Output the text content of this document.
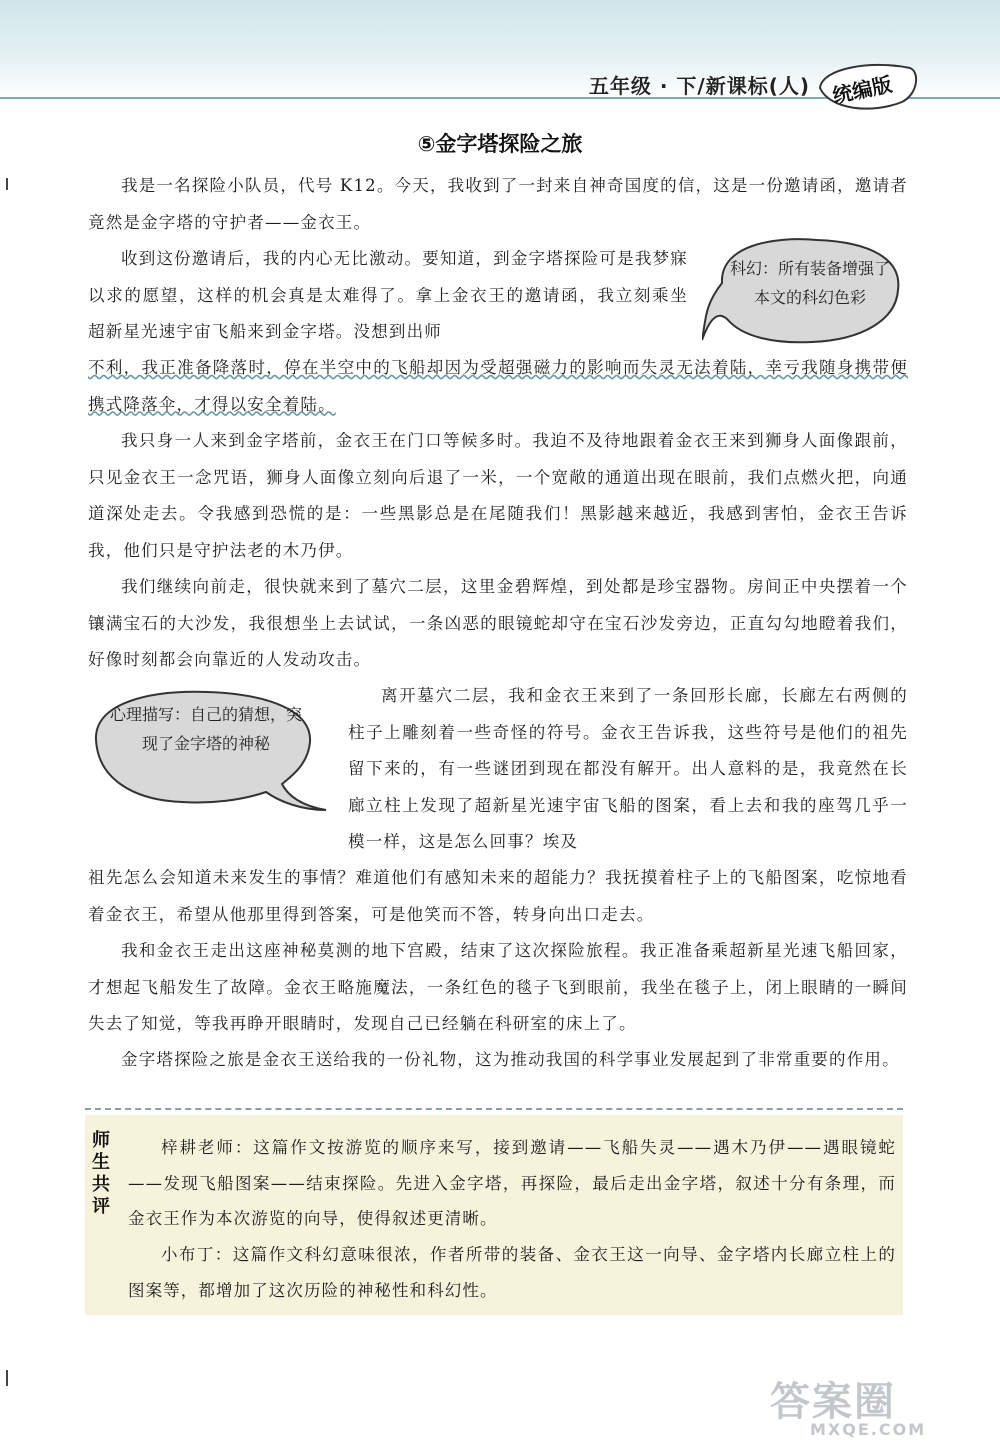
五年级 · 下/新课标(人) 统编版
⑤金字塔探险之旅

我是一名探险小队员，代号 K12。今天，我收到了一封来自神奇国度的信，这是一份邀请函，邀请者竟然是金字塔的守护者——金衣王。

收到这份邀请后，我的内心无比激动。要知道，到金字塔探险可是我梦寐以求的愿望，这样的机会真是太难得了。拿上金衣王的邀请函，我立刻乘坐超新星光速宇宙飞船来到金字塔。没想到出师

不利，我正准备降落时，停在半空中的飞船却因为受超强磁力的影响而失灵无法着陆，幸亏我随身携带便携式降落伞，才得以安全着陆。

我只身一人来到金字塔前，金衣王在门口等候多时。我迫不及待地跟着金衣王来到狮身人面像跟前，只见金衣王一念咒语，狮身人面像立刻向后退了一米，一个宽敞的通道出现在眼前，我们点燃火把，向通道深处走去。令我感到恐慌的是：一些黑影总是在尾随我们！黑影越来越近，我感到害怕，金衣王告诉我，他们只是守护法老的木乃伊。

我们继续向前走，很快就来到了墓穴二层，这里金碧辉煌，到处都是珍宝器物。房间正中央摆着一个镶满宝石的大沙发，我很想坐上去试试，一条凶恶的眼镜蛇却守在宝石沙发旁边，正直勾勾地瞪着我们，好像时刻都会向靠近的人发动攻击。

离开墓穴二层，我和金衣王来到了一条回形长廊，长廊左右两侧的柱子上雕刻着一些奇怪的符号。金衣王告诉我，这些符号是他们的祖先留下来的，有一些谜团到现在都没有解开。出人意料的是，我竟然在长廊立柱上发现了超新星光速宇宙飞船的图案，看上去和我的座驾几乎一模一样，这是怎么回事？埃及

祖先怎么会知道未来发生的事情？难道他们有感知未来的超能力？我抚摸着柱子上的飞船图案，吃惊地看着金衣王，希望从他那里得到答案，可是他笑而不答，转身向出口走去。

我和金衣王走出这座神秘莫测的地下宫殿，结束了这次探险旅程。我正准备乘超新星光速飞船回家，才想起飞船发生了故障。金衣王略施魔法，一条红色的毯子飞到眼前，我坐在毯子上，闭上眼睛的一瞬间失去了知觉，等我再睁开眼睛时，发现自己已经躺在科研室的床上了。

金字塔探险之旅是金衣王送给我的一份礼物，这为推动我国的科学事业发展起到了非常重要的作用。

科幻：所有装备增强了本文的科幻色彩
心理描写：自己的猜想，突现了金字塔的神秘
师生共评

梓耕老师：这篇作文按游览的顺序来写，接到邀请——飞船失灵——遇木乃伊——遇眼镜蛇——发现飞船图案——结束探险。先进入金字塔，再探险，最后走出金字塔，叙述十分有条理，而金衣王作为本次游览的向导，使得叙述更清晰。

小布丁：这篇作文科幻意味很浓，作者所带的装备、金衣王这一向导、金字塔内长廊立柱上的图案等，都增加了这次历险的神秘性和科幻性。

答案圈
MXQE.COM
